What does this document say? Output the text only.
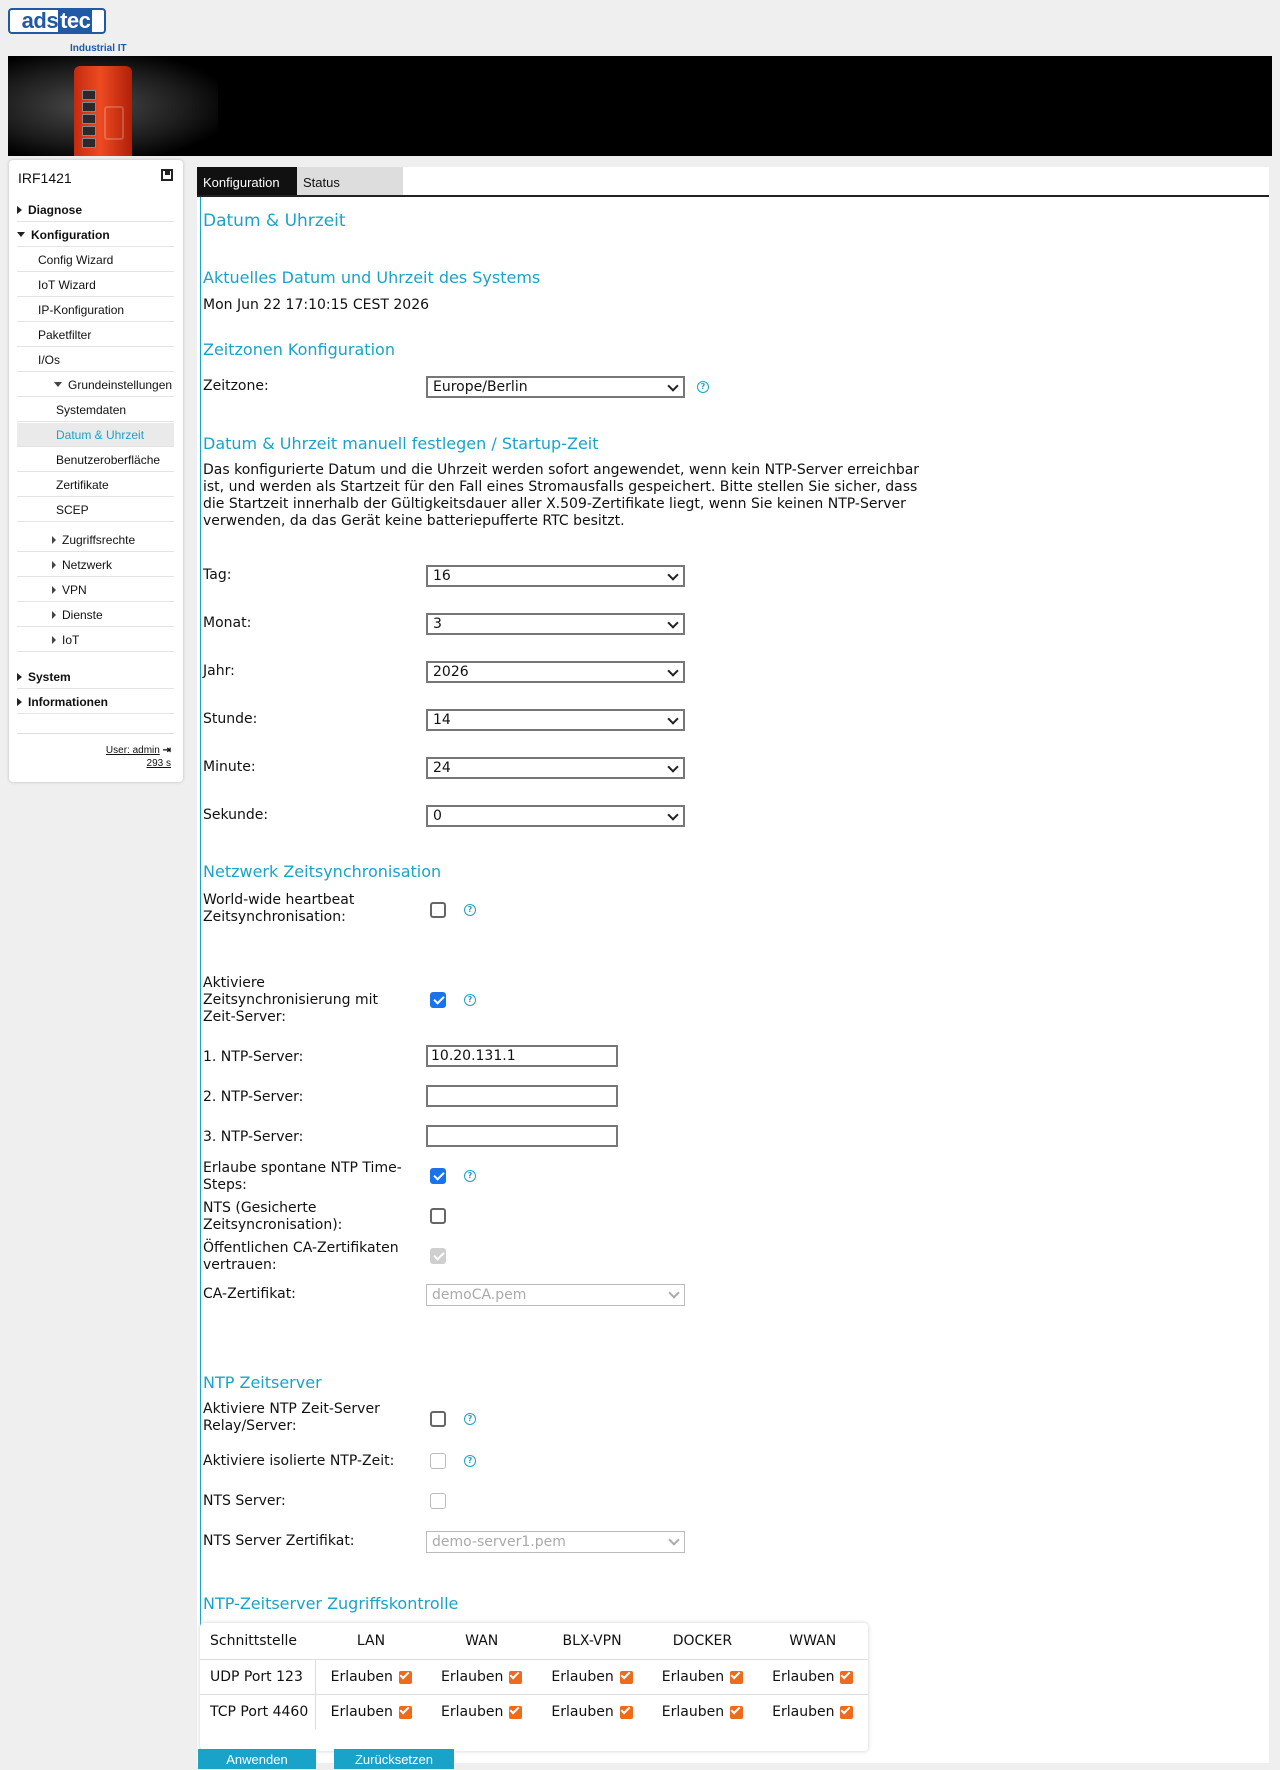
ads tec
Industrial IT
IRF1421
Diagnose
Konfiguration
Config Wizard
IoT Wizard
IP-Konfiguration
Paketfilter
I/Os
Grundeinstellungen
Systemdaten
Datum & Uhrzeit
Benutzeroberfläche
Zertifikate
SCEP
Zugriffsrechte
Netzwerk
VPN
Dienste
IoT
System
Informationen
User: admin ⇥
293 s
Konfiguration	Status
Datum & Uhrzeit
Aktuelles Datum und Uhrzeit des Systems
Mon Jun 22 17:10:15 CEST 2026
Zeitzonen Konfiguration
Zeitzone:	Europe/Berlin	?
Datum & Uhrzeit manuell festlegen / Startup-Zeit
Das konfigurierte Datum und die Uhrzeit werden sofort angewendet, wenn kein NTP-Server erreichbar
ist, und werden als Startzeit für den Fall eines Stromausfalls gespeichert. Bitte stellen Sie sicher, dass
die Startzeit innerhalb der Gültigkeitsdauer aller X.509-Zertifikate liegt, wenn Sie keinen NTP-Server
verwenden, da das Gerät keine batteriepufferte RTC besitzt.
Tag:	16
Monat:	3
Jahr:	2026
Stunde:	14
Minute:	24
Sekunde:	0
Netzwerk Zeitsynchronisation
World-wide heartbeat
Zeitsynchronisation:	?
Aktiviere
Zeitsynchronisierung mit
Zeit-Server:
?
1. NTP-Server:	10.20.131.1
2. NTP-Server:
3. NTP-Server:
Erlaube spontane NTP Time-
Steps:
?
NTS (Gesicherte
Zeitsyncronisation):
Öffentlichen CA-Zertifikaten
vertrauen:
CA-Zertifikat:	demoCA.pem
NTP Zeitserver
Aktiviere NTP Zeit-Server
Relay/Server:	?
Aktiviere isolierte NTP-Zeit:	?
NTS Server:
NTS Server Zertifikat:	demo-server1.pem
NTP-Zeitserver Zugriffskontrolle
Schnittstelle	LAN	WAN	BLX-VPN	DOCKER	WWAN
UDP Port 123	Erlauben	Erlauben	Erlauben	Erlauben	Erlauben
TCP Port 4460	Erlauben	Erlauben	Erlauben	Erlauben	Erlauben
Anwenden	Zurücksetzen
